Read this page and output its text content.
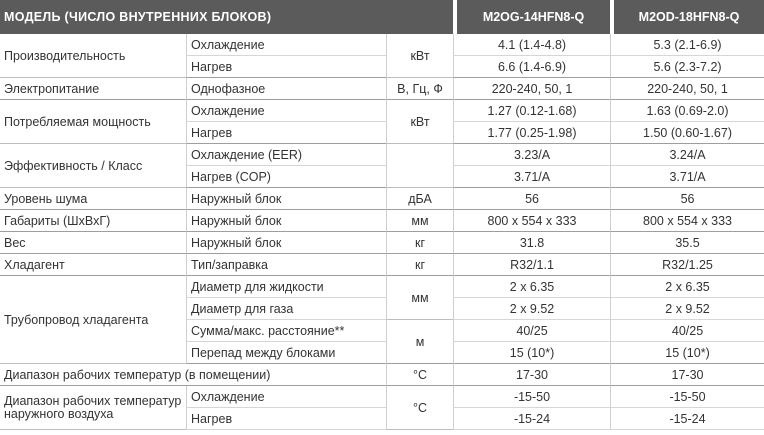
МОДЕЛЬ (ЧИСЛО ВНУТРЕННИХ БЛОКОВ)			M2OG-14HFN8-Q	M2OD-18HFN8-Q
Производительность	Охлаждение	кВт	4.1 (1.4-4.8)	5.3 (2.1-6.9)
	Нагрев		6.6 (1.4-6.9)	5.6 (2.3-7.2)
Электропитание	Однофазное	В, Гц, Ф	220-240, 50, 1	220-240, 50, 1
Потребляемая мощность	Охлаждение	кВт	1.27 (0.12-1.68)	1.63 (0.69-2.0)
	Нагрев		1.77 (0.25-1.98)	1.50 (0.60-1.67)
Эффективность / Класс	Охлаждение (EER)		3.23/A	3.24/A
	Нагрев (COP)		3.71/A	3.71/A
Уровень шума	Наружный блок	дБА	56	56
Габариты (ШxВxГ)	Наружный блок	мм	800 x 554 x 333	800 x 554 x 333
Вес	Наружный блок	кг	31.8	35.5
Хладагент	Тип/заправка	кг	R32/1.1	R32/1.25
Трубопровод хладагента	Диаметр для жидкости	мм	2 x 6.35	2 x 6.35
	Диаметр для газа		2 x 9.52	2 x 9.52
	Сумма/макс. расстояние**	м	40/25	40/25
	Перепад между блоками		15 (10*)	15 (10*)
Диапазон рабочих температур (в помещении)		°С	17-30	17-30
Диапазон рабочих температур наружного воздуха	Охлаждение	°С	-15-50	-15-50
	Нагрев		-15-24	-15-24
